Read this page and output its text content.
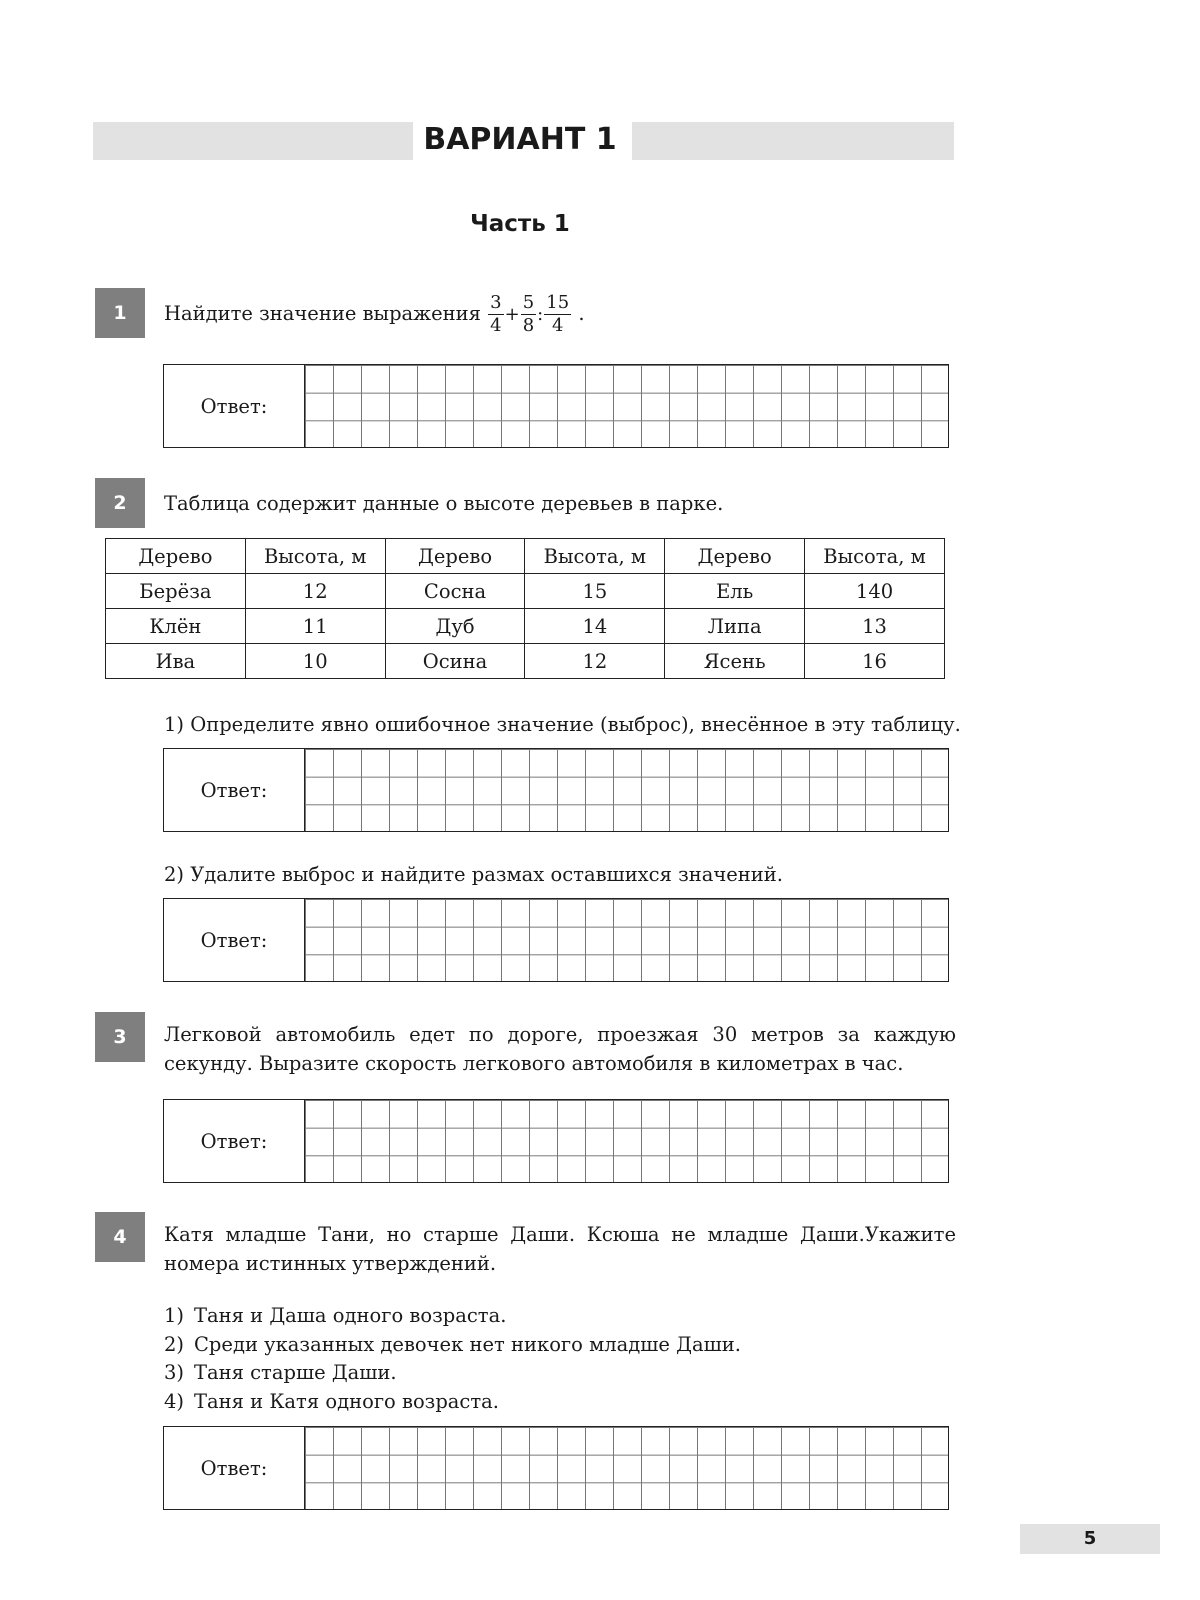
ВАРИАНТ 1
Часть 1
1	Найдите значение выражения $\frac{3}{4} + \frac{5}{8}$ : $\frac{15}{4}$ .
Ответ:
2	Таблица содержит данные о высоте деревьев в парке.
Дерево	Высота, м	Дерево	Высота, м	Дерево	Высота, м
Берёза	12	Сосна	15	Ель	140
Клён	11	Дуб	14	Липа	13
Ива	10	Осина	12	Ясень	16
1) Определите явно ошибочное значение (выброс), внесённое в эту таблицу.
Ответ:
2) Удалите выброс и найдите размах оставшихся значений.
Ответ:
3	Легковой автомобиль едет по дороге, проезжая 30 метров за каждую секунду. Выразите скорость легкового автомобиля в километрах в час.
Ответ:
4	Катя младше Тани, но старше Даши. Ксюша не младше Даши.Укажите номера истинных утверждений.
1) Таня и Даша одного возраста.
2) Среди указанных девочек нет никого младше Даши.
3) Таня старше Даши.
4) Таня и Катя одного возраста.
Ответ:
5
